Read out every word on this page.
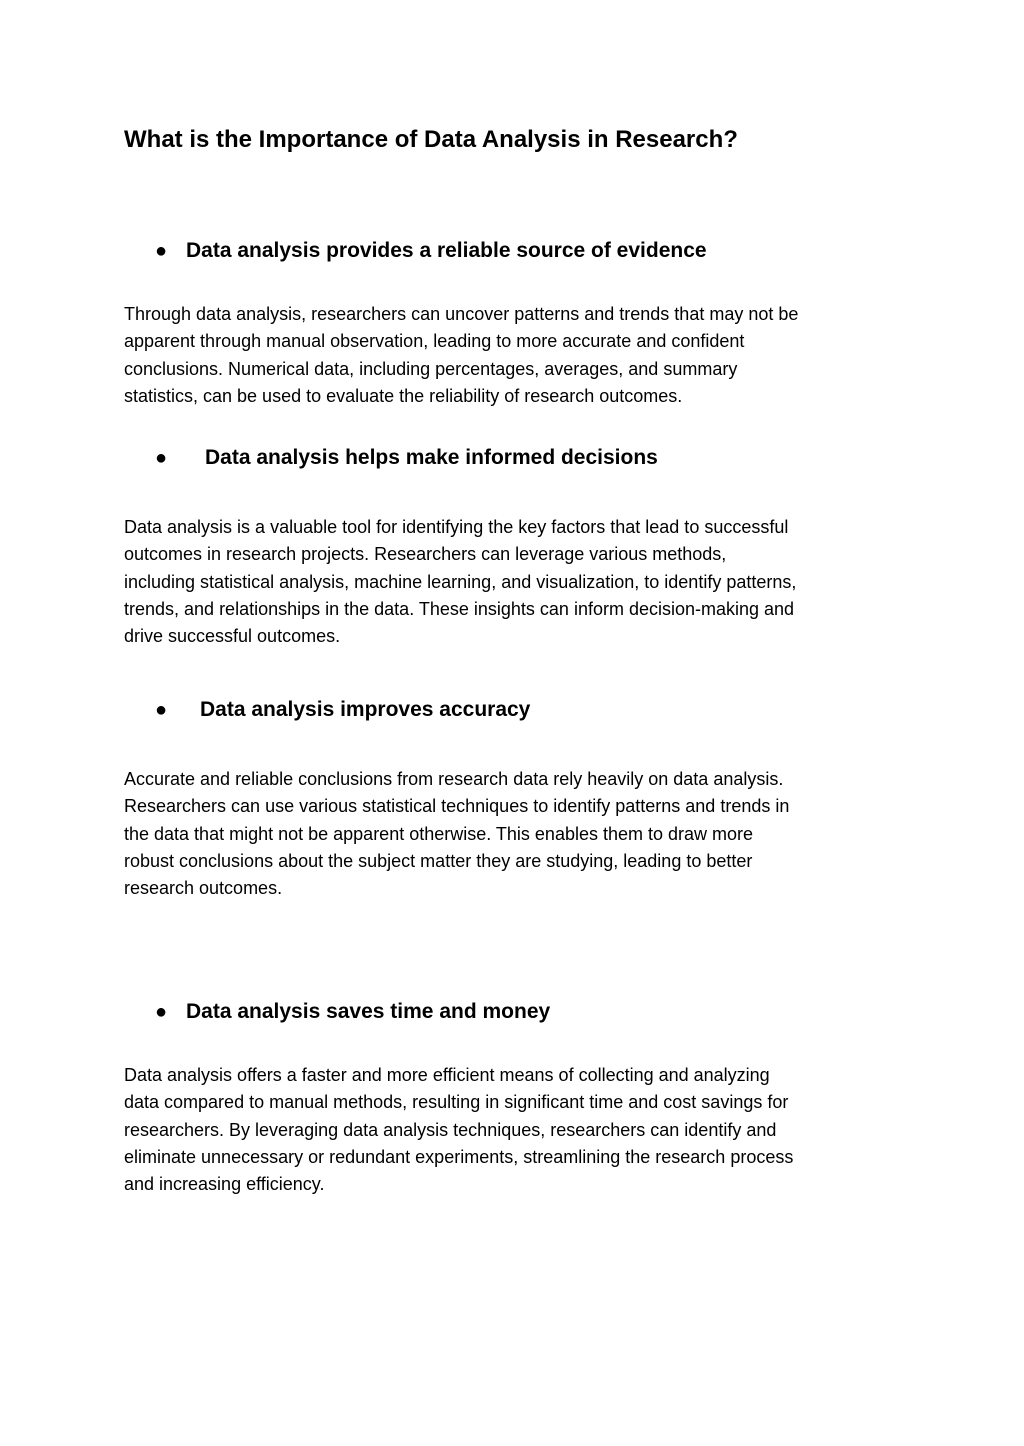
What is the Importance of Data Analysis in Research?
● Data analysis provides a reliable source of evidence
Through data analysis, researchers can uncover patterns and trends that may not be
apparent through manual observation, leading to more accurate and confident
conclusions. Numerical data, including percentages, averages, and summary
statistics, can be used to evaluate the reliability of research outcomes.
● Data analysis helps make informed decisions
Data analysis is a valuable tool for identifying the key factors that lead to successful
outcomes in research projects. Researchers can leverage various methods,
including statistical analysis, machine learning, and visualization, to identify patterns,
trends, and relationships in the data. These insights can inform decision-making and
drive successful outcomes.
● Data analysis improves accuracy
Accurate and reliable conclusions from research data rely heavily on data analysis.
Researchers can use various statistical techniques to identify patterns and trends in
the data that might not be apparent otherwise. This enables them to draw more
robust conclusions about the subject matter they are studying, leading to better
research outcomes.
● Data analysis saves time and money
Data analysis offers a faster and more efficient means of collecting and analyzing
data compared to manual methods, resulting in significant time and cost savings for
researchers. By leveraging data analysis techniques, researchers can identify and
eliminate unnecessary or redundant experiments, streamlining the research process
and increasing efficiency.
